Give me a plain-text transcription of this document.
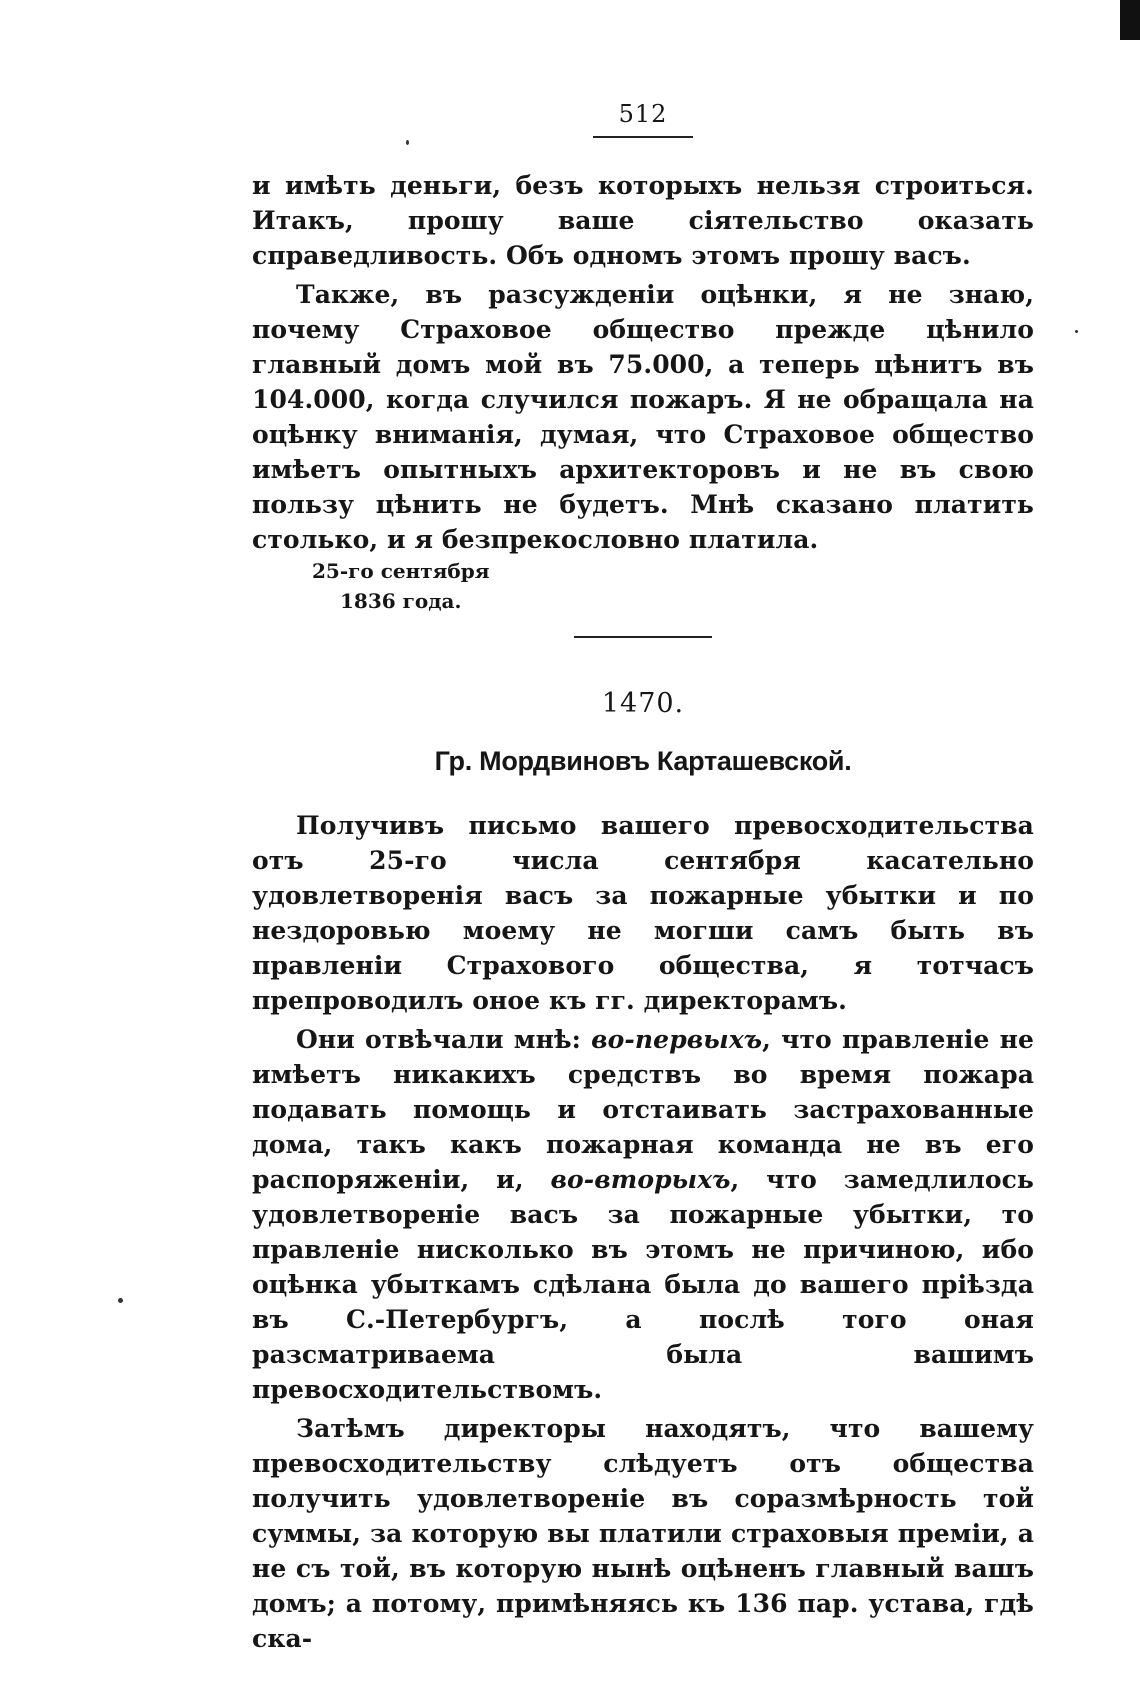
512

и имѣть деньги, безъ которыхъ нельзя строиться. Итакъ, прошу ваше сiятельство оказать справедливость. Объ одномъ этомъ прошу васъ.

Также, въ разсужденiи оцѣнки, я не знаю, почему Страховое общество прежде цѣнило главный домъ мой въ 75.000, а теперь цѣнитъ въ 104.000, когда случился пожаръ. Я не обращала на оцѣнку вниманiя, думая, что Страховое общество имѣетъ опытныхъ архитекторовъ и не въ свою пользу цѣнить не будетъ. Мнѣ сказано платить столько, и я безпрекословно платила.

25-го сентября
1836 года.
1470.
Гр. Мордвиновъ Карташевской.

Получивъ письмо вашего превосходительства отъ 25-го числа сентября касательно удовлетворенiя васъ за пожарные убытки и по нездоровью моему не могши самъ быть въ правленiи Страхового общества, я тотчасъ препроводилъ оное къ гг. директорамъ.

Они отвѣчали мнѣ: во-первыхъ, что правленiе не имѣетъ никакихъ средствъ во время пожара подавать помощь и отстаивать застрахованные дома, такъ какъ пожарная команда не въ его распоряженiи, и, во-вторыхъ, что замедлилось удовлетворенiе васъ за пожарные убытки, то правленiе нисколько въ этомъ не причиною, ибо оцѣнка убыткамъ сдѣлана была до вашего прiѣзда въ С.-Петербургъ, а послѣ того оная разсматриваема была вашимъ превосходительствомъ.

Затѣмъ директоры находятъ, что вашему превосходительству слѣдуетъ отъ общества получить удовлетворенiе въ соразмѣрность той суммы, за которую вы платили страховыя премiи, а не съ той, въ которую нынѣ оцѣненъ главный вашъ домъ; а потому, примѣняясь къ 136 пар. устава, гдѣ ска-
